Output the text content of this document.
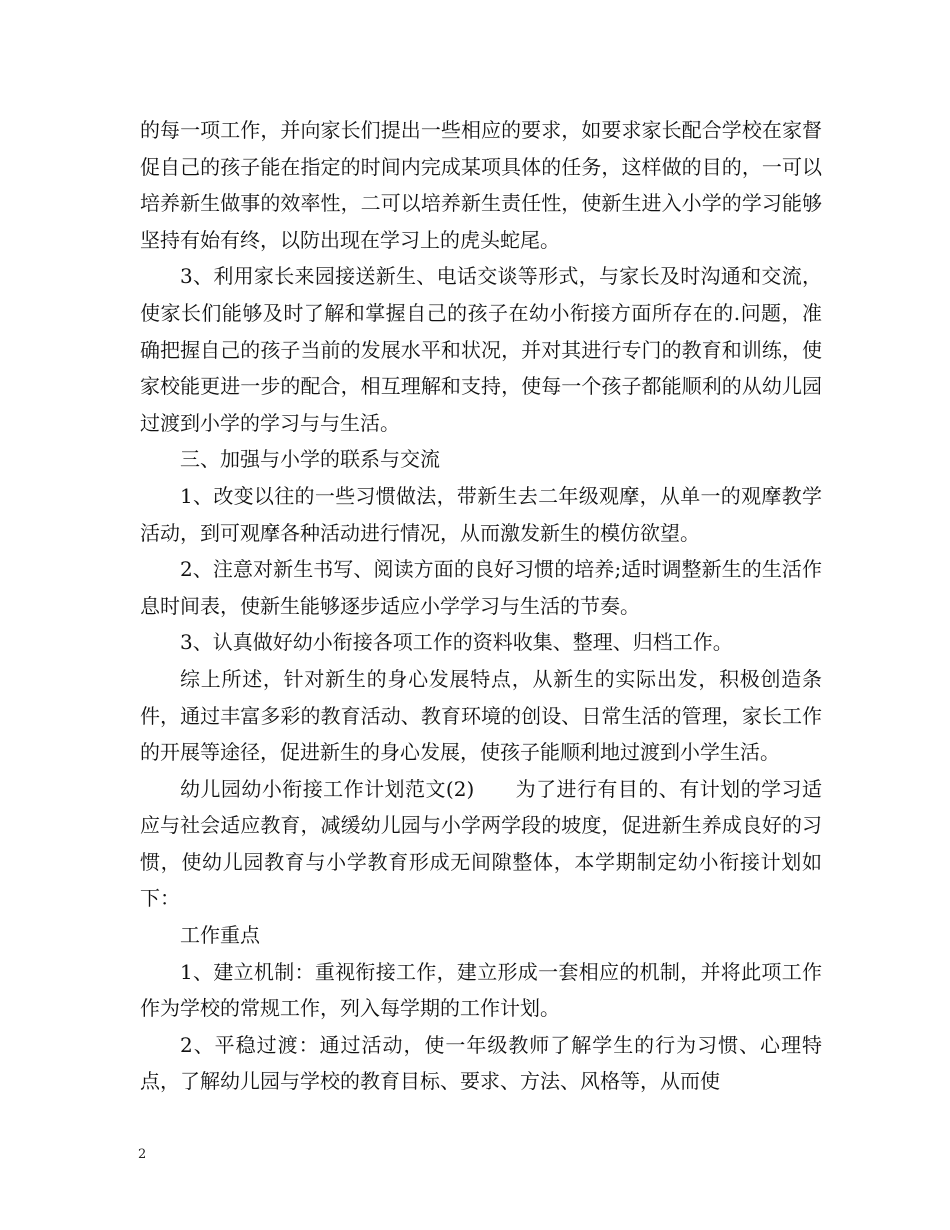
的每一项工作，并向家长们提出一些相应的要求，如要求家长配合学校在家督促自己的孩子能在指定的时间内完成某项具体的任务，这样做的目的，一可以培养新生做事的效率性，二可以培养新生责任性，使新生进入小学的学习能够坚持有始有终，以防出现在学习上的虎头蛇尾。

3、利用家长来园接送新生、电话交谈等形式，与家长及时沟通和交流，使家长们能够及时了解和掌握自己的孩子在幼小衔接方面所存在的.问题，准确把握自己的孩子当前的发展水平和状况，并对其进行专门的教育和训练，使家校能更进一步的配合，相互理解和支持，使每一个孩子都能顺利的从幼儿园过渡到小学的学习与与生活。

三、加强与小学的联系与交流

1、改变以往的一些习惯做法，带新生去二年级观摩，从单一的观摩教学活动，到可观摩各种活动进行情况，从而激发新生的模仿欲望。

2、注意对新生书写、阅读方面的良好习惯的培养;适时调整新生的生活作息时间表，使新生能够逐步适应小学学习与生活的节奏。

3、认真做好幼小衔接各项工作的资料收集、整理、归档工作。

综上所述，针对新生的身心发展特点，从新生的实际出发，积极创造条件，通过丰富多彩的教育活动、教育环境的创设、日常生活的管理，家长工作的开展等途径，促进新生的身心发展，使孩子能顺利地过渡到小学生活。

幼儿园幼小衔接工作计划范文(2)　　为了进行有目的、有计划的学习适应与社会适应教育，减缓幼儿园与小学两学段的坡度，促进新生养成良好的习惯，使幼儿园教育与小学教育形成无间隙整体，本学期制定幼小衔接计划如下：

工作重点

1、建立机制：重视衔接工作，建立形成一套相应的机制，并将此项工作作为学校的常规工作，列入每学期的工作计划。

2、平稳过渡：通过活动，使一年级教师了解学生的行为习惯、心理特点，了解幼儿园与学校的教育目标、要求、方法、风格等，从而使

2
